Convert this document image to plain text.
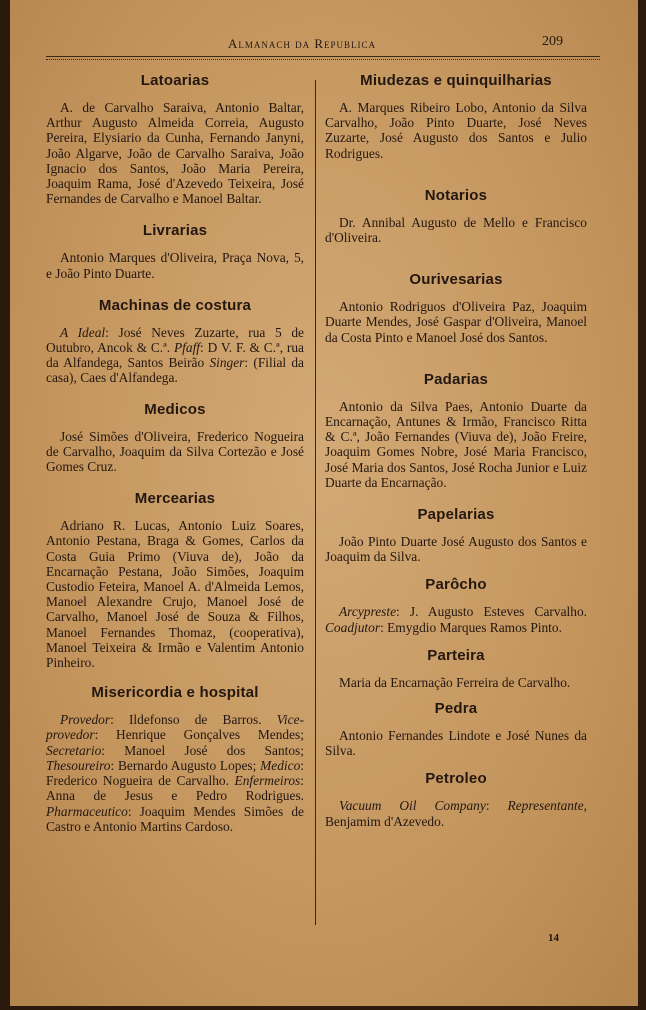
Almanach da Republica	209
Latoarias

A. de Carvalho Saraiva, Antonio Baltar, Arthur Augusto Almeida Correia, Augusto Pereira, Elysiario da Cunha, Fernando Janyni, João Algarve, João de Carvalho Saraiva, João Ignacio dos Santos, João Maria Pereira, Joaquim Rama, José d'Azevedo Teixeira, José Fernandes de Carvalho e Manoel Baltar.

Livrarias

Antonio Marques d'Oliveira, Praça Nova, 5, e João Pinto Duarte.

Machinas de costura

A Ideal: José Neves Zuzarte, rua 5 de Outubro, Ancok & C.ª. Pfaff: D V. F. & C.ª, rua da Alfandega, Santos Beirão Singer: (Filial da casa), Caes d'Alfandega.

Medicos

José Simões d'Oliveira, Frederico Nogueira de Carvalho, Joaquim da Silva Cortezão e José Gomes Cruz.

Mercearias

Adriano R. Lucas, Antonio Luiz Soares, Antonio Pestana, Braga & Gomes, Carlos da Costa Guia Primo (Viuva de), João da Encarnação Pestana, João Simões, Joaquim Custodio Feteira, Manoel A. d'Almeida Lemos, Manoel Alexandre Crujo, Manoel José de Carvalho, Manoel José de Souza & Filhos, Manoel Fernandes Thomaz, (cooperativa), Manoel Teixeira & Irmão e Valentim Antonio Pinheiro.

Misericordia e hospital

Provedor: Ildefonso de Barros. Vice-provedor: Henrique Gonçalves Mendes; Secretario: Manoel José dos Santos; Thesoureiro: Bernardo Augusto Lopes; Medico: Frederico Nogueira de Carvalho. Enfermeiros: Anna de Jesus e Pedro Rodrigues. Pharmaceutico: Joaquim Mendes Simões de Castro e Antonio Martins Cardoso.

Miudezas e quinquilharias

A. Marques Ribeiro Lobo, Antonio da Silva Carvalho, João Pinto Duarte, José Neves Zuzarte, José Augusto dos Santos e Julio Rodrigues.

Notarios

Dr. Annibal Augusto de Mello e Francisco d'Oliveira.

Ourivesarias

Antonio Rodriguos d'Oliveira Paz, Joaquim Duarte Mendes, José Gaspar d'Oliveira, Manoel da Costa Pinto e Manoel José dos Santos.

Padarias

Antonio da Silva Paes, Antonio Duarte da Encarnação, Antunes & Irmão, Francisco Ritta & C.ª, João Fernandes (Viuva de), João Freire, Joaquim Gomes Nobre, José Maria Francisco, José Maria dos Santos, José Rocha Junior e Luiz Duarte da Encarnação.

Papelarias

João Pinto Duarte José Augusto dos Santos e Joaquim da Silva.

Parôcho

Arcypreste: J. Augusto Esteves Carvalho. Coadjutor: Emygdio Marques Ramos Pinto.

Parteira

Maria da Encarnação Ferreira de Carvalho.

Pedra

Antonio Fernandes Lindote e José Nunes da Silva.

Petroleo

Vacuum Oil Company: Representante, Benjamim d'Azevedo.

14
